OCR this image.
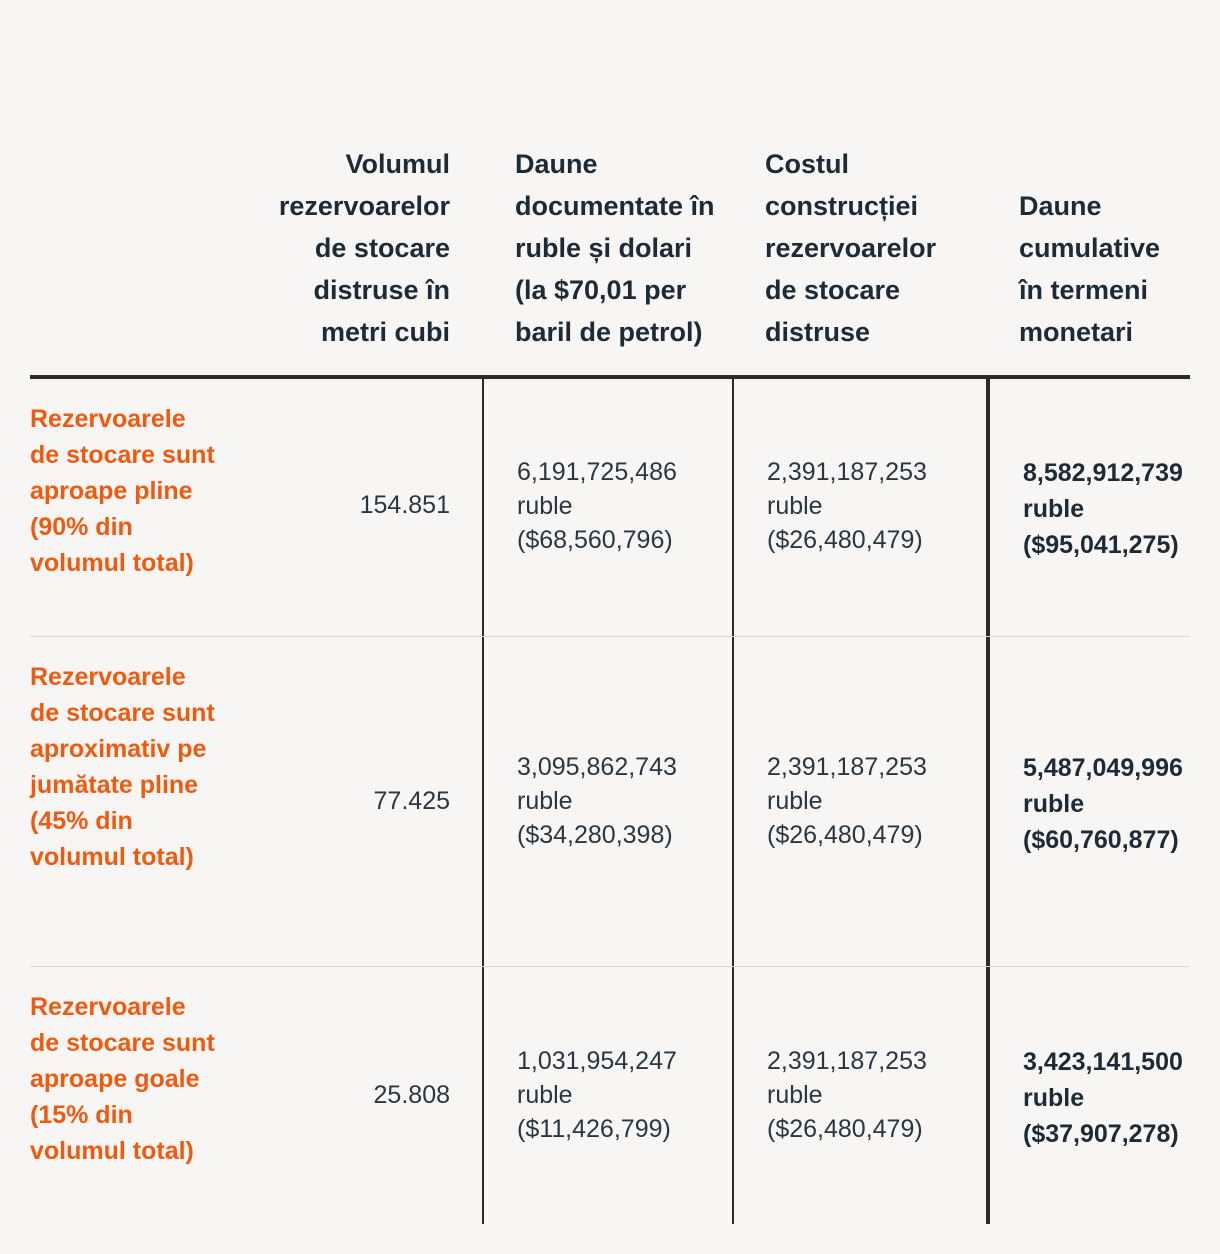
Volumul rezervoarelor de stocare distruse în metri cubi
Daune documentate în ruble și dolari (la $70,01 per baril de petrol)
Costul construcției rezervoarelor de stocare distruse
Daune cumulative în termeni monetari
Rezervoarele de stocare sunt aproape pline (90% din volumul total)
154.851
6,191,725,486
ruble
($68,560,796)
2,391,187,253
ruble
($26,480,479)
8,582,912,739
ruble
($95,041,275)
Rezervoarele de stocare sunt aproximativ pe jumătate pline (45% din volumul total)
77.425
3,095,862,743
ruble
($34,280,398)
2,391,187,253
ruble
($26,480,479)
5,487,049,996
ruble
($60,760,877)
Rezervoarele de stocare sunt aproape goale (15% din volumul total)
25.808
1,031,954,247
ruble
($11,426,799)
2,391,187,253
ruble
($26,480,479)
3,423,141,500
ruble
($37,907,278)
